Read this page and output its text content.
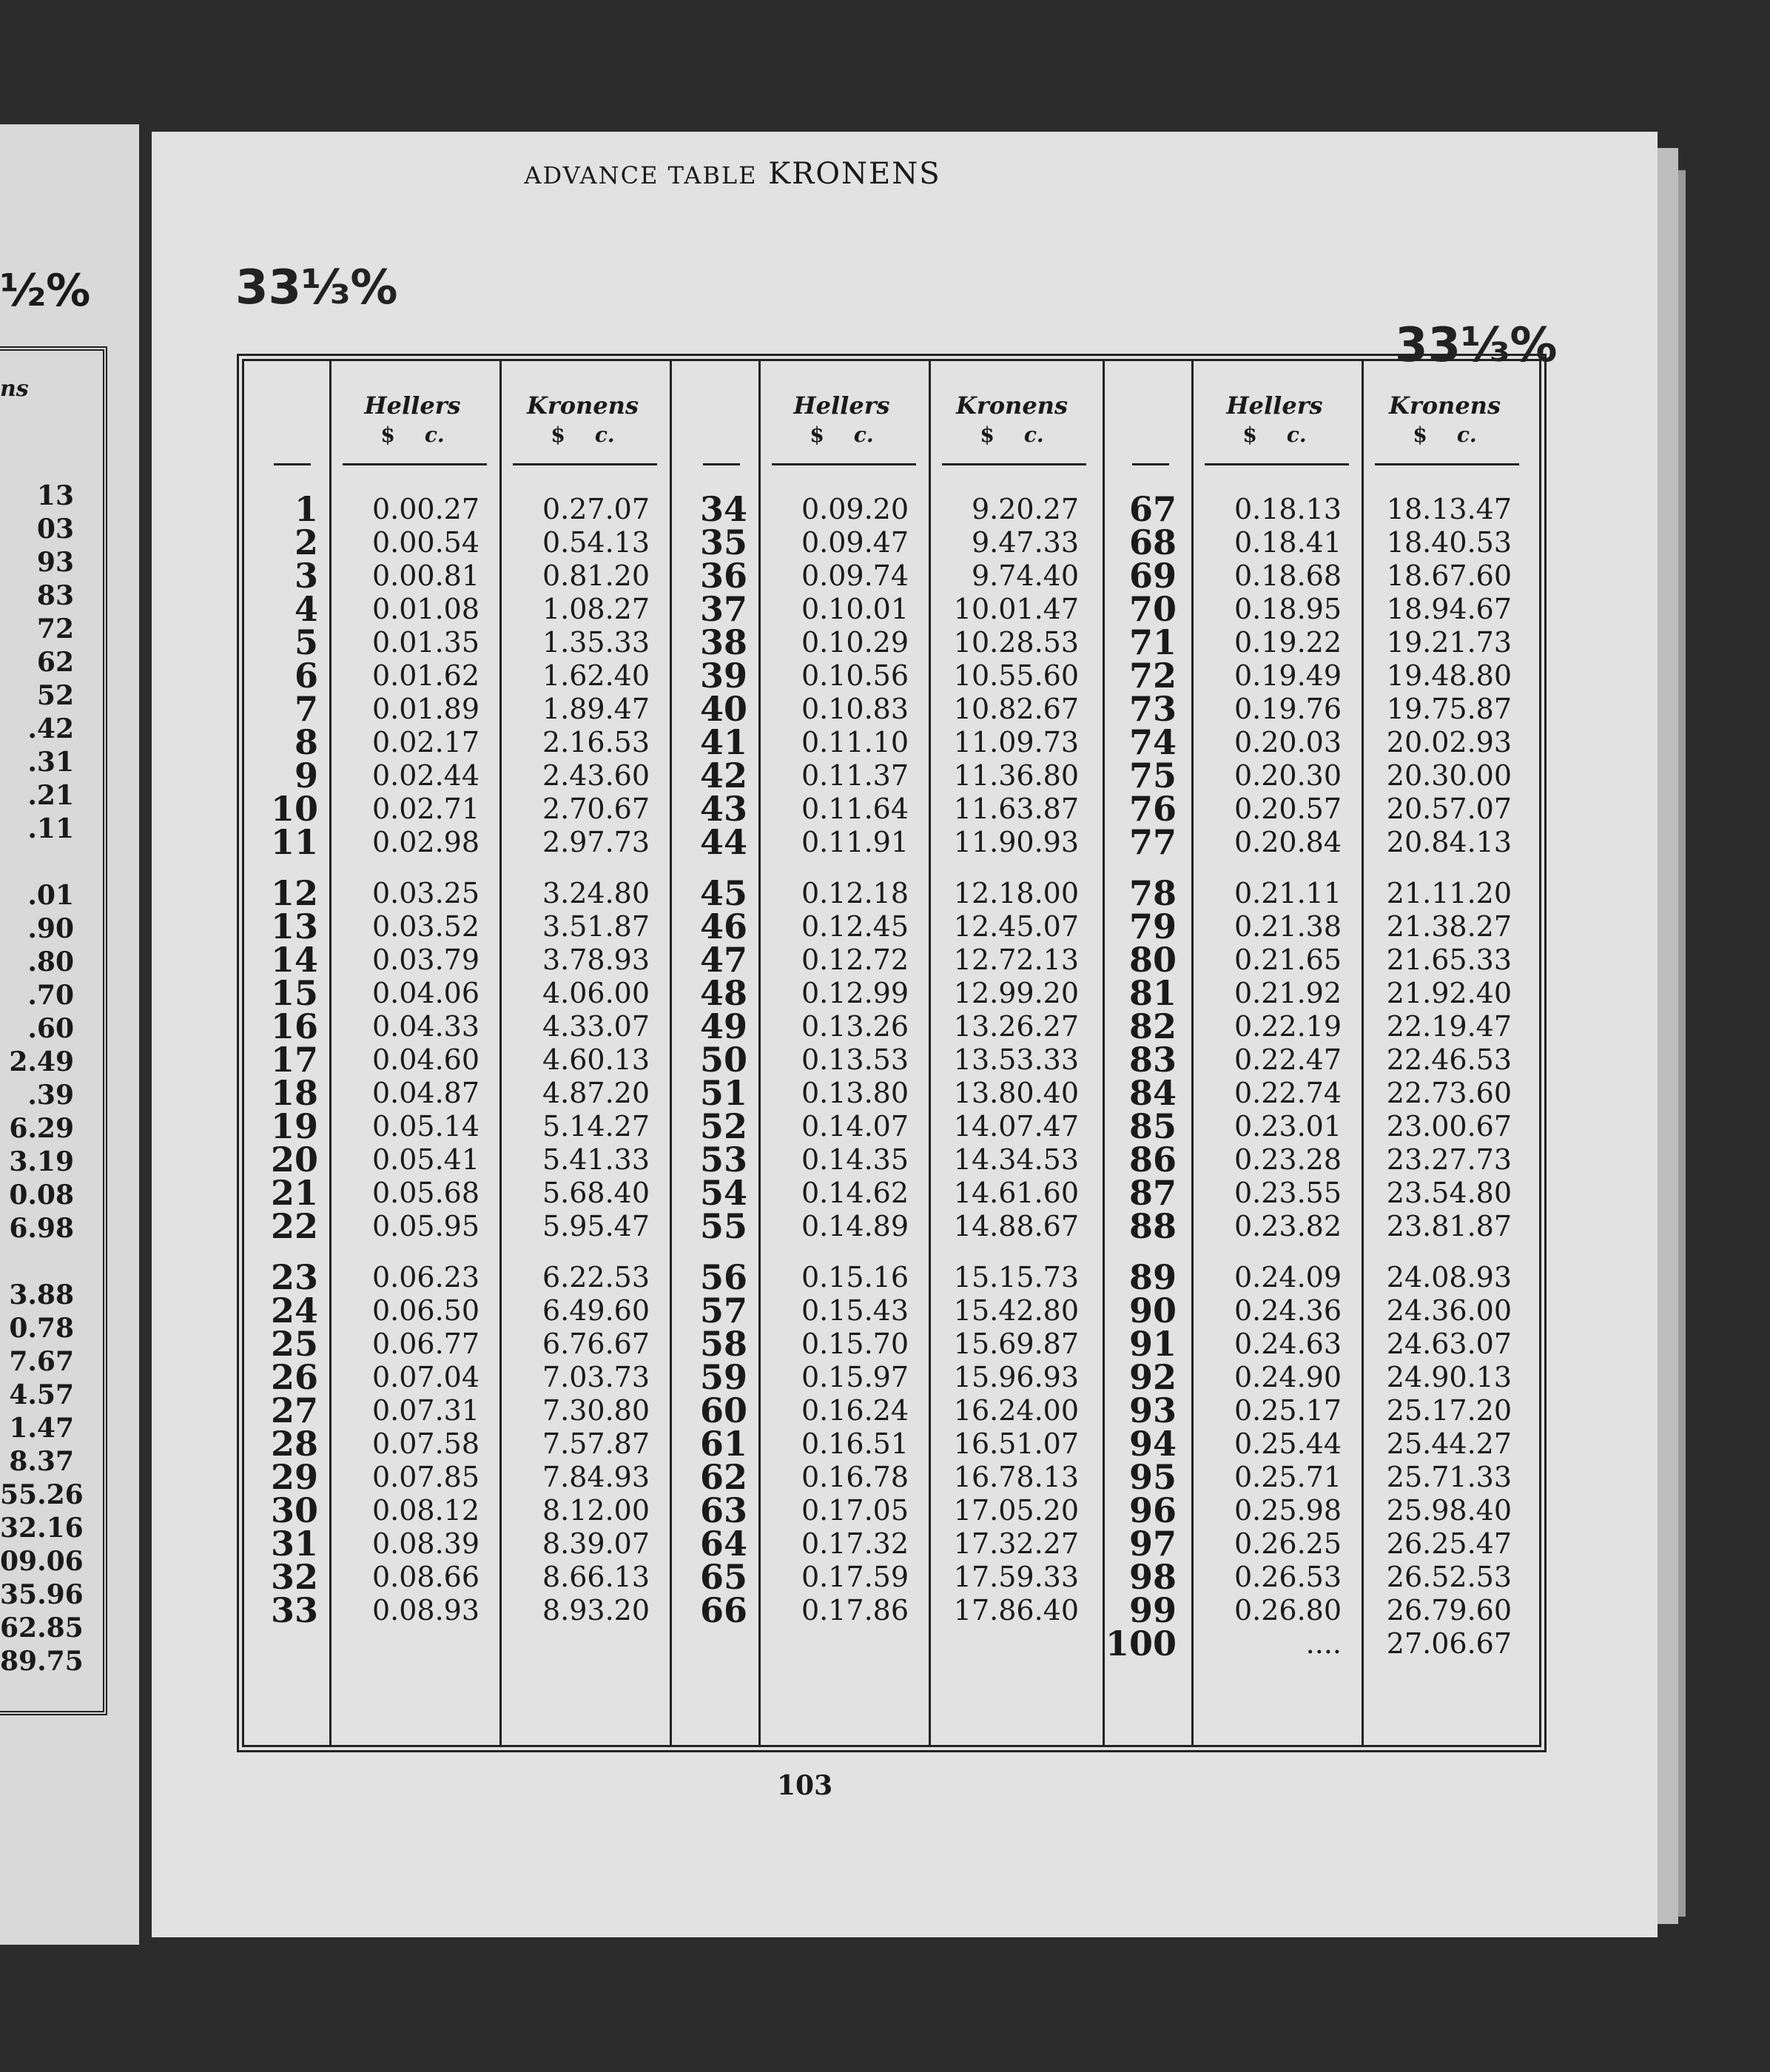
½%
ns
13
03
93
83
72
62
52
.42
.31
.21
.11
.01
.90
.80
.70
.60
2.49
.39
6.29
3.19
0.08
6.98
3.88
0.78
7.67
4.57
1.47
8.37
55.26
32.16
09.06
35.96
62.85
89.75
33⅓%
33⅓%
ADVANCE TABLE KRONENS
1
2
3
4
5
6
7
8
9
10
11
12
13
14
15
16
17
18
19
20
21
22
23
24
25
26
27
28
29
30
31
32
33
Hellers
$ c.
0.00.27
0.00.54
0.00.81
0.01.08
0.01.35
0.01.62
0.01.89
0.02.17
0.02.44
0.02.71
0.02.98
0.03.25
0.03.52
0.03.79
0.04.06
0.04.33
0.04.60
0.04.87
0.05.14
0.05.41
0.05.68
0.05.95
0.06.23
0.06.50
0.06.77
0.07.04
0.07.31
0.07.58
0.07.85
0.08.12
0.08.39
0.08.66
0.08.93
Kronens
$ c.
0.27.07
0.54.13
0.81.20
1.08.27
1.35.33
1.62.40
1.89.47
2.16.53
2.43.60
2.70.67
2.97.73
3.24.80
3.51.87
3.78.93
4.06.00
4.33.07
4.60.13
4.87.20
5.14.27
5.41.33
5.68.40
5.95.47
6.22.53
6.49.60
6.76.67
7.03.73
7.30.80
7.57.87
7.84.93
8.12.00
8.39.07
8.66.13
8.93.20
34
35
36
37
38
39
40
41
42
43
44
45
46
47
48
49
50
51
52
53
54
55
56
57
58
59
60
61
62
63
64
65
66
Hellers
$ c.
0.09.20
0.09.47
0.09.74
0.10.01
0.10.29
0.10.56
0.10.83
0.11.10
0.11.37
0.11.64
0.11.91
0.12.18
0.12.45
0.12.72
0.12.99
0.13.26
0.13.53
0.13.80
0.14.07
0.14.35
0.14.62
0.14.89
0.15.16
0.15.43
0.15.70
0.15.97
0.16.24
0.16.51
0.16.78
0.17.05
0.17.32
0.17.59
0.17.86
Kronens
$ c.
9.20.27
9.47.33
9.74.40
10.01.47
10.28.53
10.55.60
10.82.67
11.09.73
11.36.80
11.63.87
11.90.93
12.18.00
12.45.07
12.72.13
12.99.20
13.26.27
13.53.33
13.80.40
14.07.47
14.34.53
14.61.60
14.88.67
15.15.73
15.42.80
15.69.87
15.96.93
16.24.00
16.51.07
16.78.13
17.05.20
17.32.27
17.59.33
17.86.40
67
68
69
70
71
72
73
74
75
76
77
78
79
80
81
82
83
84
85
86
87
88
89
90
91
92
93
94
95
96
97
98
99
100
Hellers
$ c.
0.18.13
0.18.41
0.18.68
0.18.95
0.19.22
0.19.49
0.19.76
0.20.03
0.20.30
0.20.57
0.20.84
0.21.11
0.21.38
0.21.65
0.21.92
0.22.19
0.22.47
0.22.74
0.23.01
0.23.28
0.23.55
0.23.82
0.24.09
0.24.36
0.24.63
0.24.90
0.25.17
0.25.44
0.25.71
0.25.98
0.26.25
0.26.53
0.26.80
....
Kronens
$ c.
18.13.47
18.40.53
18.67.60
18.94.67
19.21.73
19.48.80
19.75.87
20.02.93
20.30.00
20.57.07
20.84.13
21.11.20
21.38.27
21.65.33
21.92.40
22.19.47
22.46.53
22.73.60
23.00.67
23.27.73
23.54.80
23.81.87
24.08.93
24.36.00
24.63.07
24.90.13
25.17.20
25.44.27
25.71.33
25.98.40
26.25.47
26.52.53
26.79.60
27.06.67
103
